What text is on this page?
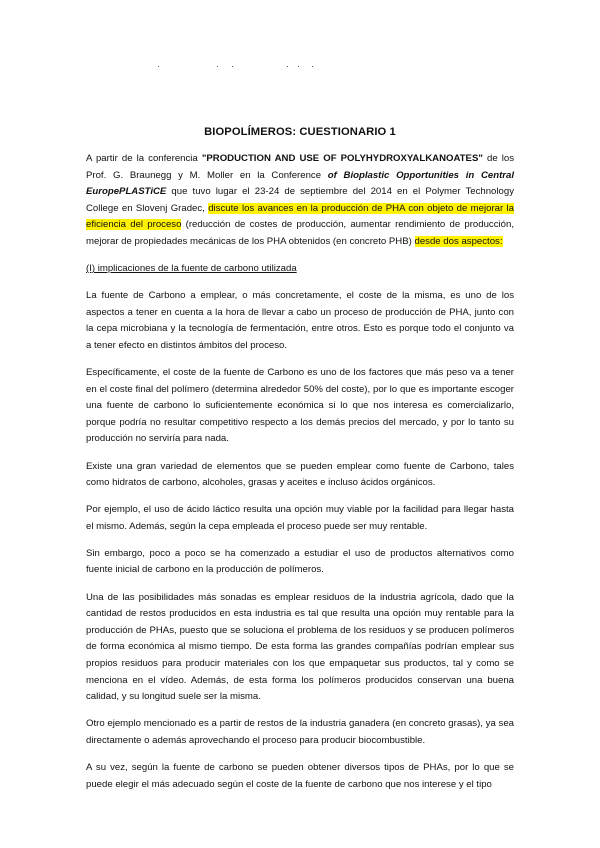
BIOPOLÍMEROS: CUESTIONARIO 1

A partir de la conferencia "PRODUCTION AND USE OF POLYHYDROXYALKANOATES" de los Prof. G. Braunegg y M. Moller en la Conference of Bioplastic Opportunities in Central EuropePLASTiCE que tuvo lugar el 23-24 de septiembre del 2014 en el Polymer Technology College en Slovenj Gradec, discute los avances en la producción de PHA con objeto de mejorar la eficiencia del proceso (reducción de costes de producción, aumentar rendimiento de producción, mejorar de propiedades mecánicas de los PHA obtenidos (en concreto PHB) desde dos aspectos:

(I) implicaciones de la fuente de carbono utilizada

La fuente de Carbono a emplear, o más concretamente, el coste de la misma, es uno de los aspectos a tener en cuenta a la hora de llevar a cabo un proceso de producción de PHA, junto con la cepa microbiana y la tecnología de fermentación, entre otros. Esto es porque todo el conjunto va a tener efecto en distintos ámbitos del proceso.

Específicamente, el coste de la fuente de Carbono es uno de los factores que más peso va a tener en el coste final del polímero (determina alrededor 50% del coste), por lo que es importante escoger una fuente de carbono lo suficientemente económica si lo que nos interesa es comercializarlo, porque podría no resultar competitivo respecto a los demás precios del mercado, y por lo tanto su producción no serviría para nada.

Existe una gran variedad de elementos que se pueden emplear como fuente de Carbono, tales como hidratos de carbono, alcoholes, grasas y aceites e incluso ácidos orgánicos.

Por ejemplo, el uso de ácido láctico resulta una opción muy viable por la facilidad para llegar hasta el mismo. Además, según la cepa empleada el proceso puede ser muy rentable.

Sin embargo, poco a poco se ha comenzado a estudiar el uso de productos alternativos como fuente inicial de carbono en la producción de polímeros.

Una de las posibilidades más sonadas es emplear residuos de la industria agrícola, dado que la cantidad de restos producidos en esta industria es tal que resulta una opción muy rentable para la producción de PHAs, puesto que se soluciona el problema de los residuos y se producen polímeros de forma económica al mismo tiempo. De esta forma las grandes compañías podrían emplear sus propios residuos para producir materiales con los que empaquetar sus productos, tal y como se menciona en el vídeo. Además, de esta forma los polímeros producidos conservan una buena calidad, y su longitud suele ser la misma.

Otro ejemplo mencionado es a partir de restos de la industria ganadera (en concreto grasas), ya sea directamente o además aprovechando el proceso para producir biocombustible.

A su vez, según la fuente de carbono se pueden obtener diversos tipos de PHAs, por lo que se puede elegir el más adecuado según el coste de la fuente de carbono que nos interese y el tipo
